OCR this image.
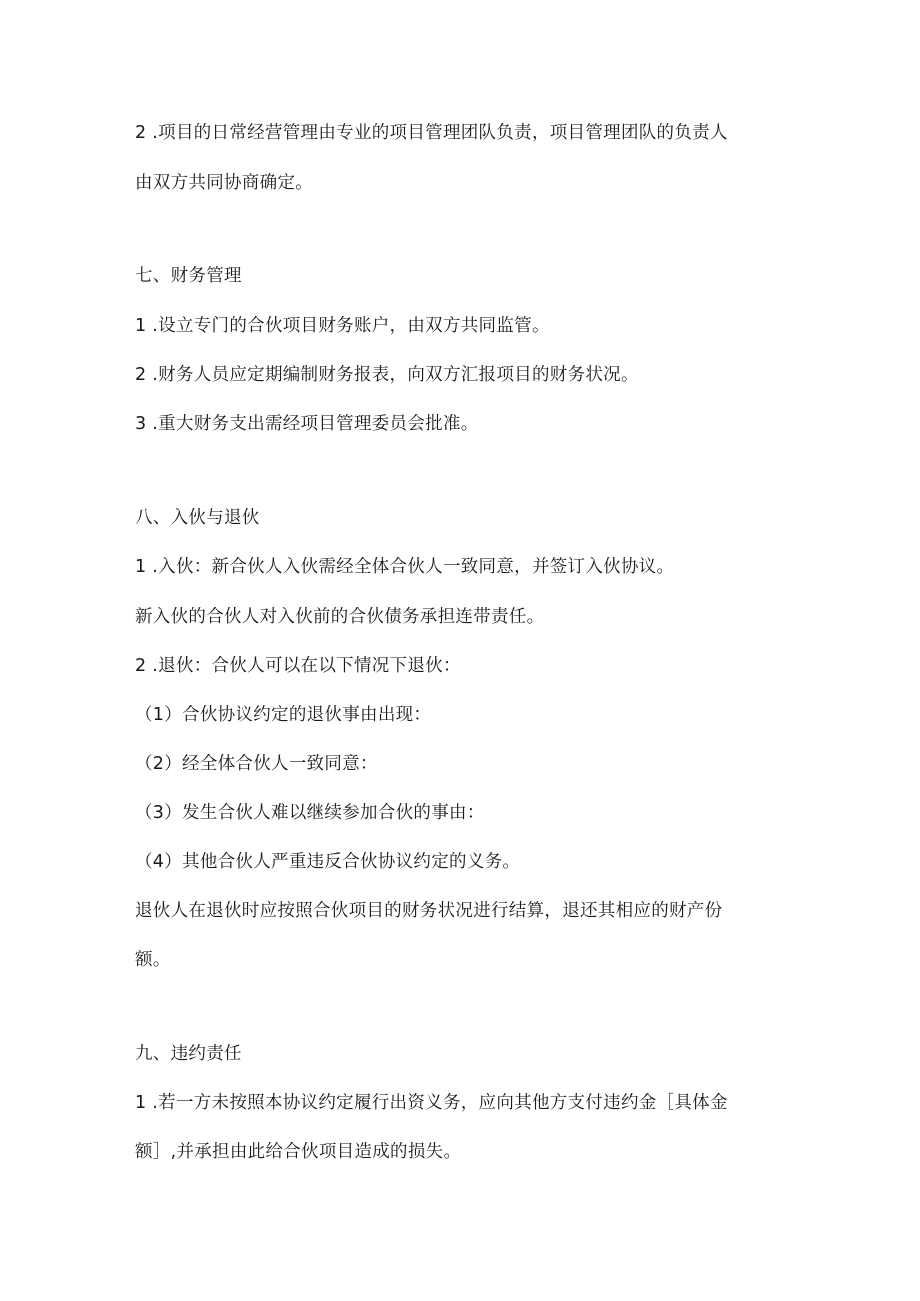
2 .项目的日常经营管理由专业的项目管理团队负责，项目管理团队的负责人
由双方共同协商确定。
七、财务管理
1 .设立专门的合伙项目财务账户，由双方共同监管。
2 .财务人员应定期编制财务报表，向双方汇报项目的财务状况。
3 .重大财务支出需经项目管理委员会批准。
八、入伙与退伙
1 .入伙：新合伙人入伙需经全体合伙人一致同意，并签订入伙协议。
新入伙的合伙人对入伙前的合伙债务承担连带责任。
2 .退伙：合伙人可以在以下情况下退伙：
（1）合伙协议约定的退伙事由出现：
（2）经全体合伙人一致同意：
（3）发生合伙人难以继续参加合伙的事由：
（4）其他合伙人严重违反合伙协议约定的义务。
退伙人在退伙时应按照合伙项目的财务状况进行结算，退还其相应的财产份
额。
九、违约责任
1 .若一方未按照本协议约定履行出资义务，应向其他方支付违约金［具体金
额］,并承担由此给合伙项目造成的损失。
